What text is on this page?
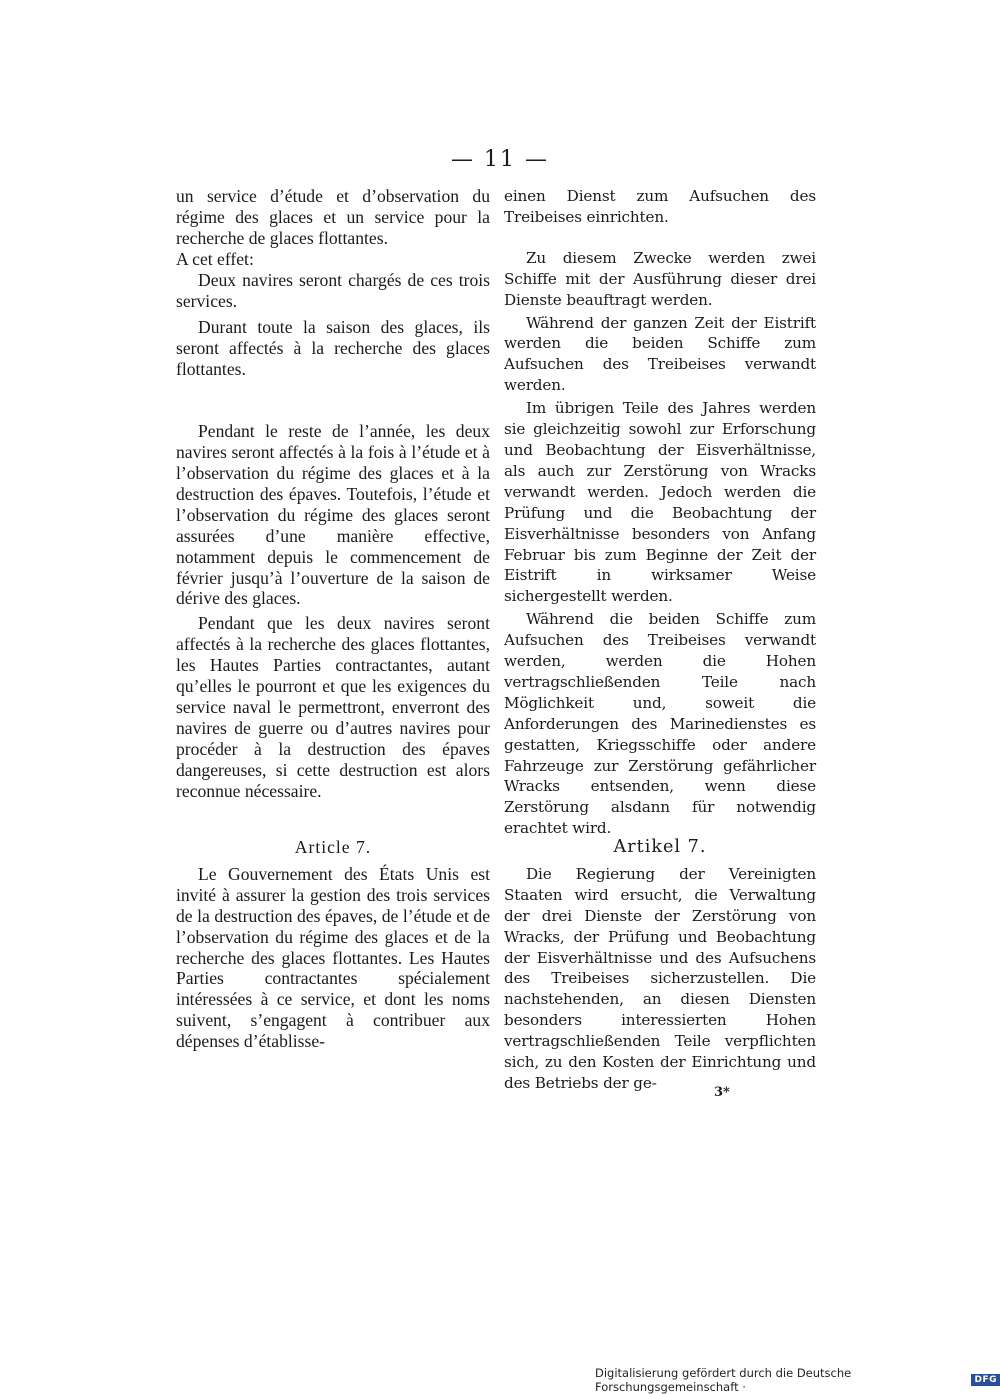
— 11 —

un service d’étude et d’observation du régime des glaces et un service pour la recherche de glaces flottantes.

A cet effet:

Deux navires seront chargés de ces trois services.

Durant toute la saison des glaces, ils seront affectés à la recherche des glaces flottantes.

Pendant le reste de l’année, les deux navires seront affectés à la fois à l’étude et à l’observation du régime des glaces et à la destruction des épaves. Toutefois, l’étude et l’observation du régime des glaces seront assurées d’une manière effective, notamment depuis le commencement de février jusqu’à l’ouverture de la saison de dérive des glaces.

Pendant que les deux navires seront affectés à la recherche des glaces flottantes, les Hautes Parties contractantes, autant qu’elles le pourront et que les exigences du service naval le permettront, enverront des navires de guerre ou d’autres navires pour procéder à la destruction des épaves dangereuses, si cette destruction est alors reconnue nécessaire.

einen Dienst zum Aufsuchen des Treibeises einrichten.

Zu diesem Zwecke werden zwei Schiffe mit der Ausführung dieser drei Dienste beauftragt werden.

Während der ganzen Zeit der Eistrift werden die beiden Schiffe zum Aufsuchen des Treibeises verwandt werden.

Im übrigen Teile des Jahres werden sie gleichzeitig sowohl zur Erforschung und Beobachtung der Eisverhältnisse, als auch zur Zerstörung von Wracks verwandt werden. Jedoch werden die Prüfung und die Beobachtung der Eisverhältnisse besonders von Anfang Februar bis zum Beginne der Zeit der Eistrift in wirksamer Weise sichergestellt werden.

Während die beiden Schiffe zum Aufsuchen des Treibeises verwandt werden, werden die Hohen vertragschließenden Teile nach Möglichkeit und, soweit die Anforderungen des Marinedienstes es gestatten, Kriegsschiffe oder andere Fahrzeuge zur Zerstörung gefährlicher Wracks entsenden, wenn diese Zerstörung alsdann für notwendig erachtet wird.

Article 7.

Le Gouvernement des États Unis est invité à assurer la gestion des trois services de la destruction des épaves, de l’étude et de l’observation du régime des glaces et de la recherche des glaces flottantes. Les Hautes Parties contractantes spécialement intéressées à ce service, et dont les noms suivent, s’engagent à contribuer aux dépenses d’établisse-

Artikel 7.

Die Regierung der Vereinigten Staaten wird ersucht, die Verwaltung der drei Dienste der Zerstörung von Wracks, der Prüfung und Beobachtung der Eisverhältnisse und des Aufsuchens des Treibeises sicherzustellen. Die nachstehenden, an diesen Diensten besonders interessierten Hohen vertragschließenden Teile verpflichten sich, zu den Kosten der Einrichtung und des Betriebs der ge-

3*
Digitalisierung gefördert durch die Deutsche Forschungsgemeinschaft ·	DFG
